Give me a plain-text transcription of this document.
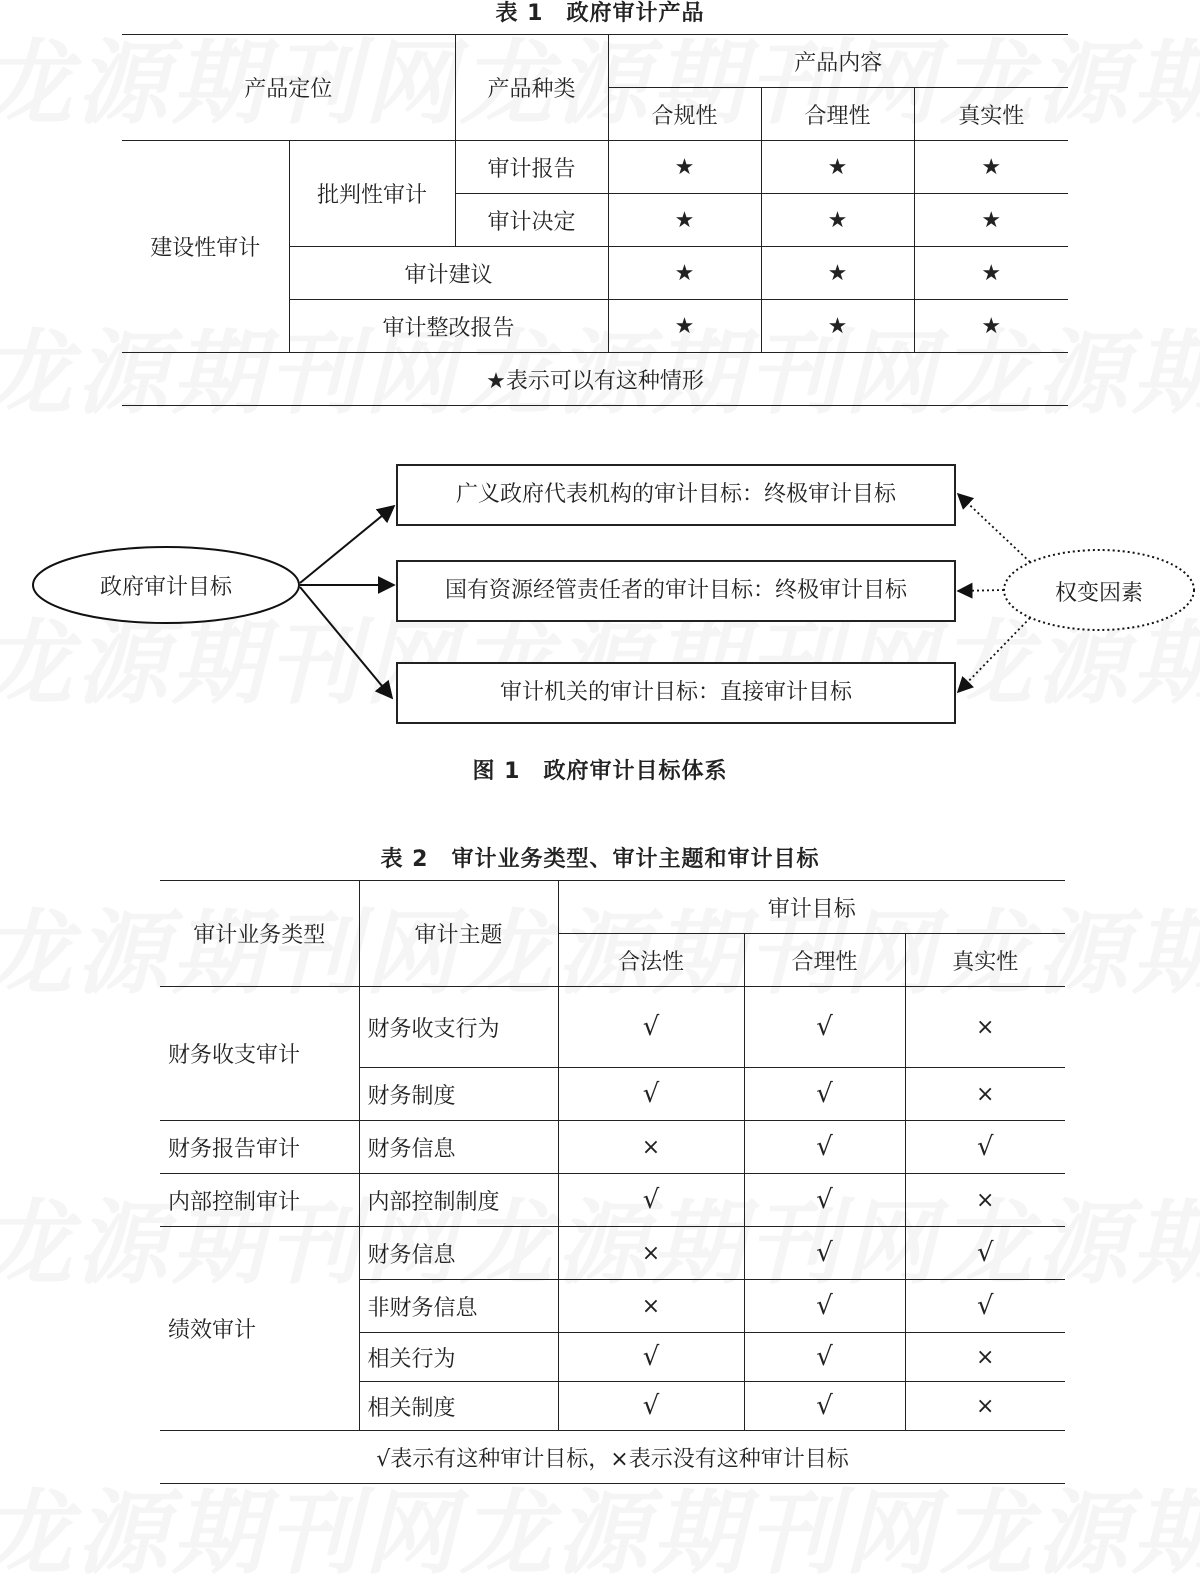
表 1　政府审计产品
产品定位		产品种类	产品内容		
			合规性	合理性	真实性
建设性审计	批判性审计	审计报告	★	★	★
		审计决定	★	★	★
	审计建议		★	★	★
	审计整改报告		★	★	★
★表示可以有这种情形					
政府审计目标	权变因素
广义政府代表机构的审计目标：终极审计目标
国有资源经管责任者的审计目标：终极审计目标
审计机关的审计目标：直接审计目标
图 1　政府审计目标体系
表 2　审计业务类型、审计主题和审计目标
审计业务类型	审计主题	审计目标		
		合法性	合理性	真实性
财务收支审计	财务收支行为	√	√	×
	财务制度	√	√	×
财务报告审计	财务信息	×	√	√
内部控制审计	内部控制制度	√	√	×
绩效审计	财务信息	×	√	√
	非财务信息	×	√	√
	相关行为	√	√	×
	相关制度	√	√	×
√表示有这种审计目标，×表示没有这种审计目标				
